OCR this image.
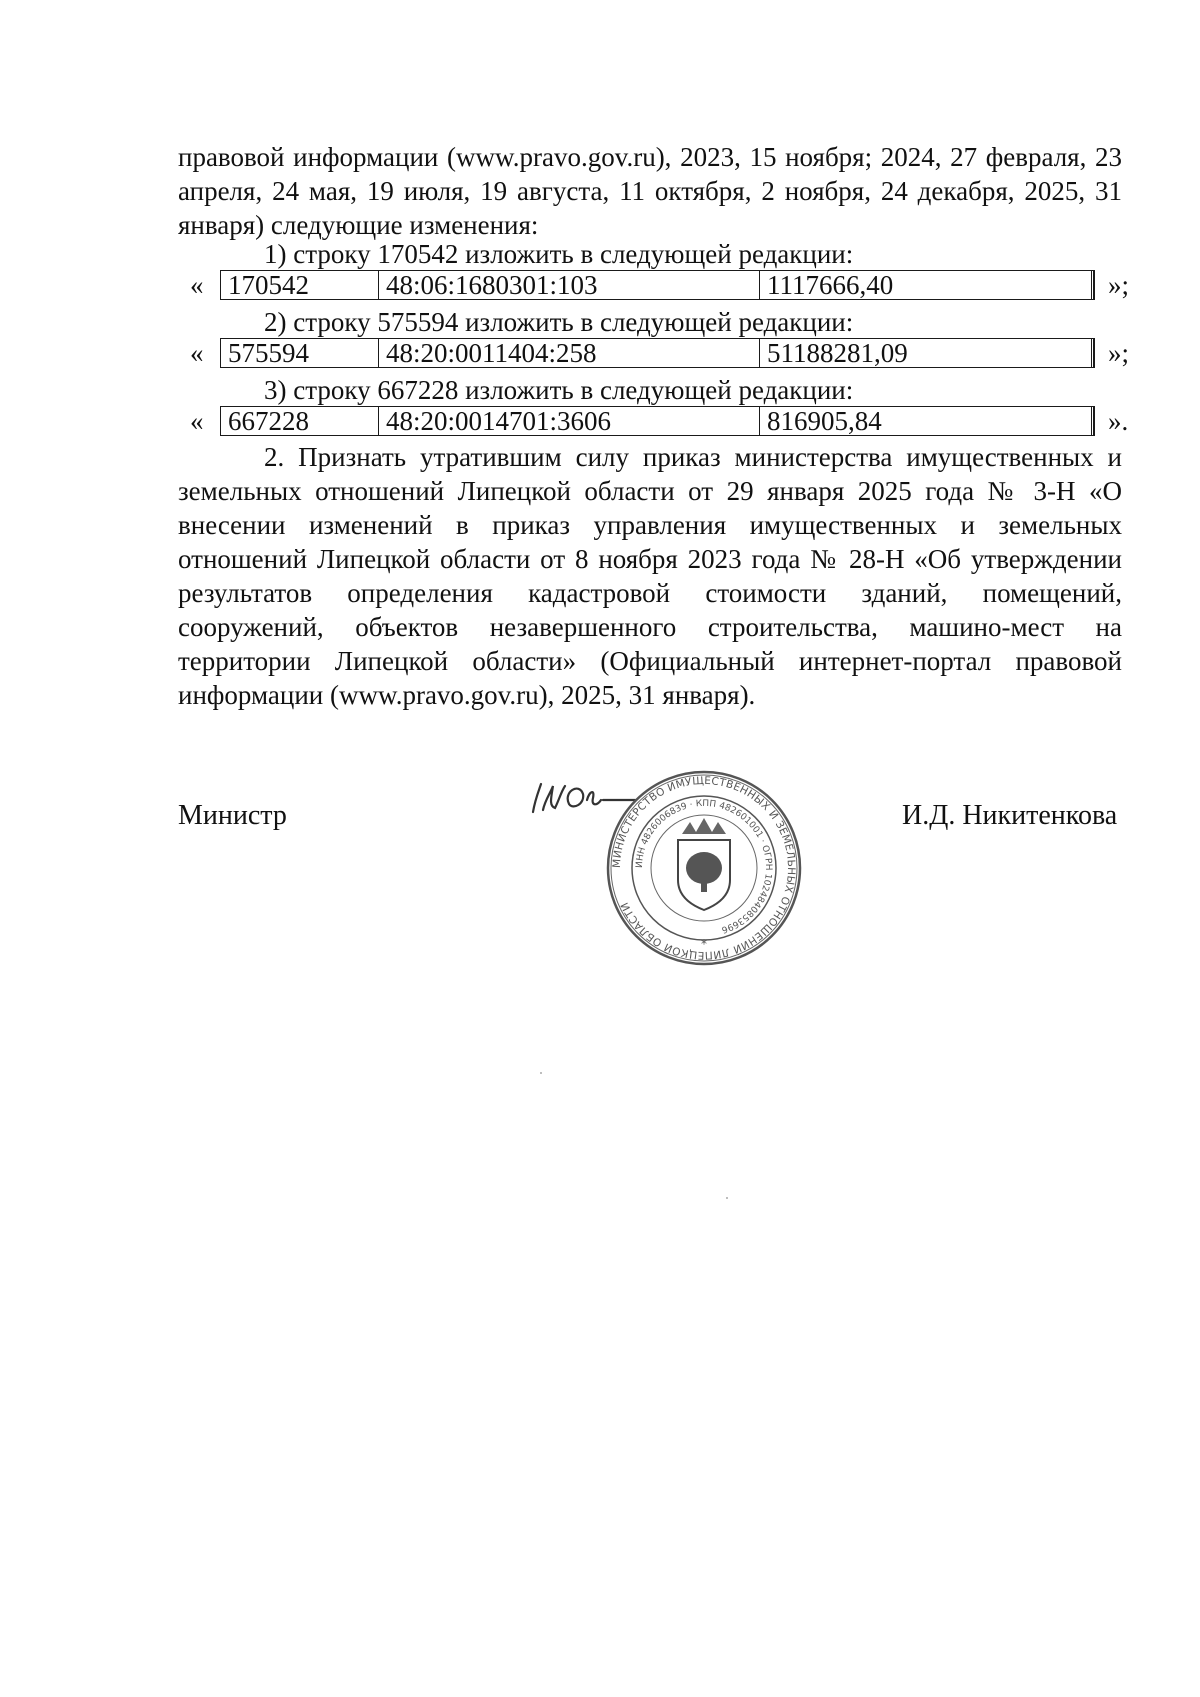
правовой информации (www.pravo.gov.ru), 2023, 15 ноября; 2024, 27 февраля, 23 апреля, 24 мая, 19 июля, 19 августа, 11 октября, 2 ноября, 24 декабря, 2025, 31 января) следующие изменения:

1) строку 170542 изложить в следующей редакции:
« 170542	48:06:1680301:103	1117666,40	»;
2) строку 575594 изложить в следующей редакции:
« 575594	48:20:0011404:258	51188281,09	»;
3) строку 667228 изложить в следующей редакции:
« 667228	48:20:0014701:3606	816905,84	».

2. Признать утратившим силу приказ министерства имущественных и земельных отношений Липецкой области от 29 января 2025 года № 3-Н «О внесении изменений в приказ управления имущественных и земельных отношений Липецкой области от 8 ноября 2023 года № 28-Н «Об утверждении результатов определения кадастровой стоимости зданий, помещений, сооружений, объектов незавершенного строительства, машино-мест на территории Липецкой области» (Официальный интернет-портал правовой информации (www.pravo.gov.ru), 2025, 31 января).

Министр
МИНИСТЕРСТВО ИМУЩЕСТВЕННЫХ И ЗЕМЕЛЬНЫХ ОТНОШЕНИЙ ЛИПЕЦКОЙ ОБЛАСТИ
ИНН 4826006839 · КПП 482601001 · ОГРН 1024840853696
*
И.Д. Никитенкова
